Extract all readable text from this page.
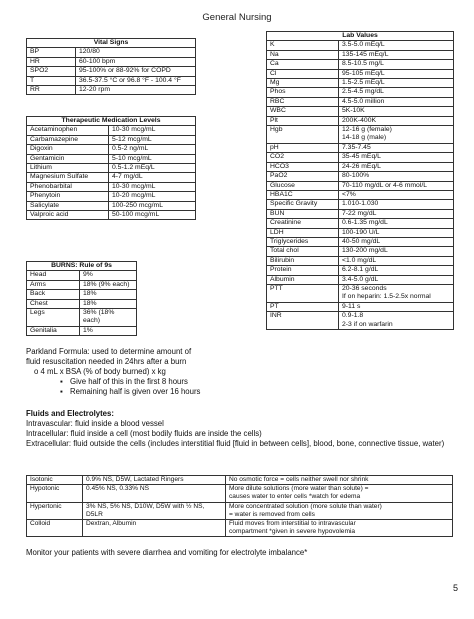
General Nursing
Vital Signs	
BP	120/80
HR	60-100 bpm
SPO2	95-100% or 88-92% for COPD
T	36.5-37.5 °C or 96.8 °F - 100.4 °F
RR	12-20 rpm
Therapeutic Medication Levels	
Acetaminophen	10-30 mcg/mL
Carbamazepine	5-12 mcg/mL
Digoxin	0.5-2 ng/mL
Gentamicin	5-10 mcg/mL
Lithium	0.5-1.2 mEq/L
Magnesium Sulfate	4-7 mg/dL
Phenobarbital	10-30 mcg/mL
Phenytoin	10-20 mcg/mL
Salicylate	100-250 mcg/mL
Valproic acid	50-100 mcg/mL
BURNS: Rule of 9s	
Head	9%
Arms	18% (9% each)
Back	18%
Chest	18%
Legs	36% (18% each)
Genitalia	1%
Lab Values	
K	3.5-5.0 mEq/L
Na	135-145 mEq/L
Ca	8.5-10.5 mg/L
Cl	95-105 mEq/L
Mg	1.5-2.5 mEq/L
Phos	2.5-4.5 mg/dL
RBC	4.5-5.0 million
WBC	5K-10K
Plt	200K-400K
Hgb	12-16 g (female)
14-18 g (male)
pH	7.35-7.45
CO2	35-45 mEq/L
HCO3	24-26 mEq/L
PaO2	80-100%
Glucose	70-110 mg/dL or 4-6 mmol/L
HBA1C	<7%
Specific Gravity	1.010-1.030
BUN	7-22 mg/dL
Creatinine	0.6-1.35 mg/dL
LDH	100-190 U/L
Triglycerides	40-50 mg/dL
Total chol	130-200 mg/dL
Bilirubin	<1.0 mg/dL
Protein	6.2-8.1 g/dL
Albumin	3.4-5.0 g/dL
PTT	20-36 seconds
If on heparin: 1.5-2.5x normal
PT	9-11 s
INR	0.9-1.8
2-3 if on warfarin
Parkland Formula: used to determine amount of
fluid resuscitation needed in 24hrs after a burn
o 4 mL x BSA (% of body burned) x kg
▪ Give half of this in the first 8 hours
▪ Remaining half is given over 16 hours
Fluids and Electrolytes:
Intravascular: fluid inside a blood vessel
Intracellular: fluid inside a cell (most bodily fluids are inside the cells)
Extracellular: fluid outside the cells (includes interstitial fluid [fluid in between cells], blood, bone, connective tissue, water)
Isotonic	0.9% NS, D5W, Lactated Ringers	No osmotic force = cells neither swell nor shrink
Hypotonic	0.45% NS, 0.33% NS	More dilute solutions (more water than solute) =
causes water to enter cells *watch for edema
Hypertonic	3% NS, 5% NS, D10W, D5W with ½ NS, D5LR	More concentrated solution (more solute than water)
= water is removed from cells
Colloid	Dextran, Albumin	Fluid moves from interstitial to intravascular
compartment *given in severe hypovolemia
Monitor your patients with severe diarrhea and vomiting for electrolyte imbalance*
5
